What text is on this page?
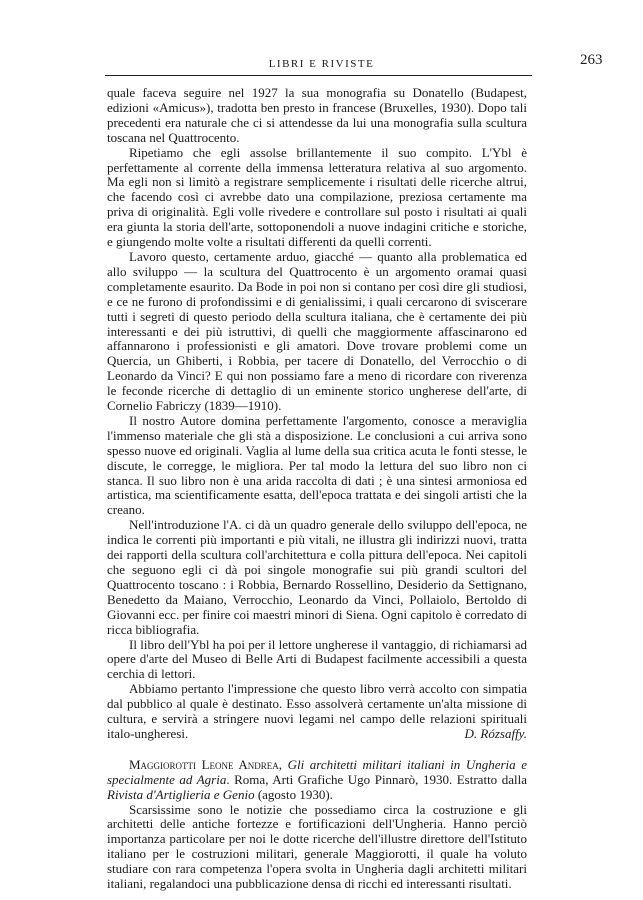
LIBRI E RIVISTE	263

quale faceva seguire nel 1927 la sua monografia su Donatello (Budapest, edizioni «Amicus»), tradotta ben presto in francese (Bruxelles, 1930). Dopo tali precedenti era naturale che ci si attendesse da lui una monografia sulla scultura toscana nel Quattrocento.

Ripetiamo che egli assolse brillantemente il suo compito. L'Ybl è perfettamente al corrente della immensa letteratura relativa al suo argomento. Ma egli non si limitò a registrare semplicemente i risultati delle ricerche altrui, che facendo così ci avrebbe dato una compilazione, preziosa certamente ma priva di originalità. Egli volle rivedere e controllare sul posto i risultati ai quali era giunta la storia dell'arte, sottoponendoli a nuove indagini critiche e storiche, e giungendo molte volte a risultati differenti da quelli correnti.

Lavoro questo, certamente arduo, giacché — quanto alla problematica ed allo sviluppo — la scultura del Quattrocento è un argomento oramai quasi completamente esaurito. Da Bode in poi non si contano per così dire gli studiosi, e ce ne furono di profondissimi e di genialissimi, i quali cercarono di sviscerare tutti i segreti di questo periodo della scultura italiana, che è certamente dei più interessanti e dei più istruttivi, di quelli che maggiormente affascinarono ed affannarono i professionisti e gli amatori. Dove trovare problemi come un Quercia, un Ghiberti, i Robbia, per tacere di Donatello, del Verrocchio o di Leonardo da Vinci? E qui non possiamo fare a meno di ricordare con riverenza le feconde ricerche di dettaglio di un eminente storico ungherese dell'arte, di Cornelio Fabriczy (1839—1910).

Il nostro Autore domina perfettamente l'argomento, conosce a meraviglia l'immenso materiale che gli stà a disposizione. Le conclusioni a cui arriva sono spesso nuove ed originali. Vaglia al lume della sua critica acuta le fonti stesse, le discute, le corregge, le migliora. Per tal modo la lettura del suo libro non ci stanca. Il suo libro non è una arida raccolta di dati ; è una sintesi armoniosa ed artistica, ma scientificamente esatta, dell'epoca trattata e dei singoli artisti che la creano.

Nell'introduzione l'A. ci dà un quadro generale dello sviluppo dell'epoca, ne indica le correnti più importanti e più vitali, ne illustra gli indirizzi nuovi, tratta dei rapporti della scultura coll'architettura e colla pittura dell'epoca. Nei capitoli che seguono egli ci dà poi singole monografie sui più grandi scultori del Quattrocento toscano : i Robbia, Bernardo Rossellino, Desiderio da Settignano, Benedetto da Maiano, Verrocchio, Leonardo da Vinci, Pollaiolo, Bertoldo di Giovanni ecc. per finire coi maestri minori di Siena. Ogni capitolo è corredato di ricca bibliografia.

Il libro dell'Ybl ha poi per il lettore ungherese il vantaggio, di richiamarsi ad opere d'arte del Museo di Belle Arti di Budapest facilmente accessibili a questa cerchia di lettori.

Abbiamo pertanto l'impressione che questo libro verrà accolto con simpatia dal pubblico al quale è destinato. Esso assolverà certamente un'alta missione di cultura, e servirà a stringere nuovi legami nel campo delle relazioni spirituali italo-ungheresi.	D. Rózsaffy.

Maggiorotti Leone Andrea, Gli architetti militari italiani in Ungheria e specialmente ad Agria. Roma, Arti Grafiche Ugo Pinnarò, 1930. Estratto dalla Rivista d'Artiglieria e Genio (agosto 1930).

Scarsissime sono le notizie che possediamo circa la costruzione e gli architetti delle antiche fortezze e fortificazioni dell'Ungheria. Hanno perciò importanza particolare per noi le dotte ricerche dell'illustre direttore dell'Istituto italiano per le costruzioni militari, generale Maggiorotti, il quale ha voluto studiare con rara competenza l'opera svolta in Ungheria dagli architetti militari italiani, regalandoci una pubblicazione densa di ricchi ed interessanti risultati.
